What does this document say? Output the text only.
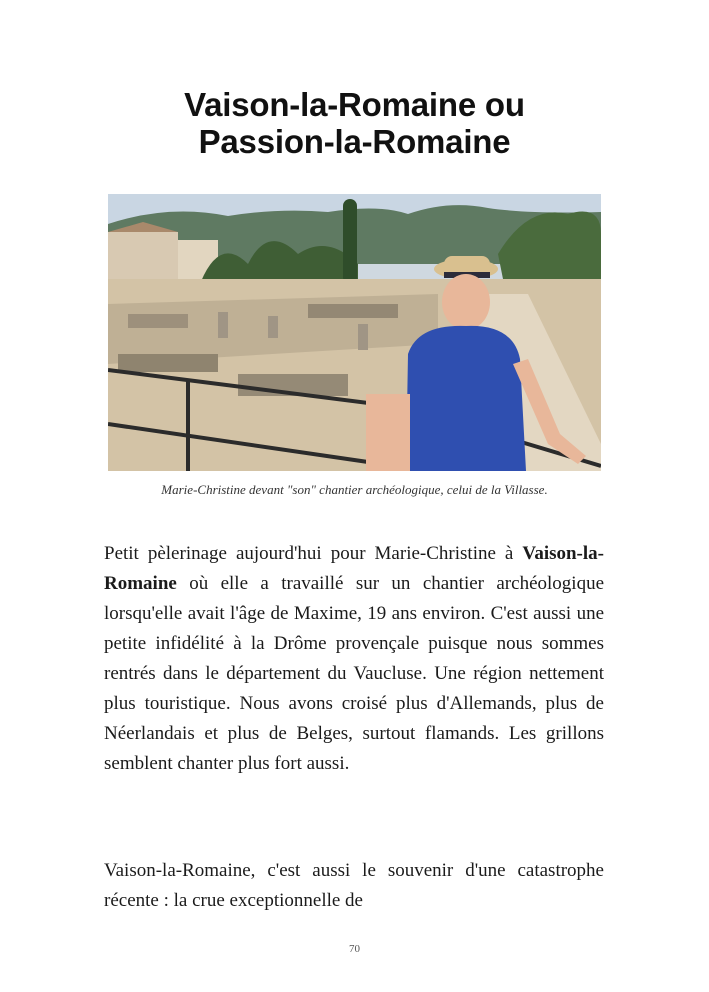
Vaison-la-Romaine ou
Passion-la-Romaine
Marie-Christine devant "son" chantier archéologique, celui de la Villasse.

Petit pèlerinage aujourd'hui pour Marie-Christine à Vaison-la-Romaine où elle a travaillé sur un chantier archéologique lorsqu'elle avait l'âge de Maxime, 19 ans environ. C'est aussi une petite infidélité à la Drôme provençale puisque nous sommes rentrés dans le département du Vaucluse. Une région nettement plus touristique. Nous avons croisé plus d'Allemands, plus de Néerlandais et plus de Belges, surtout flamands. Les grillons semblent chanter plus fort aussi.

Vaison-la-Romaine, c'est aussi le souvenir d'une catastrophe récente : la crue exceptionnelle de

70
